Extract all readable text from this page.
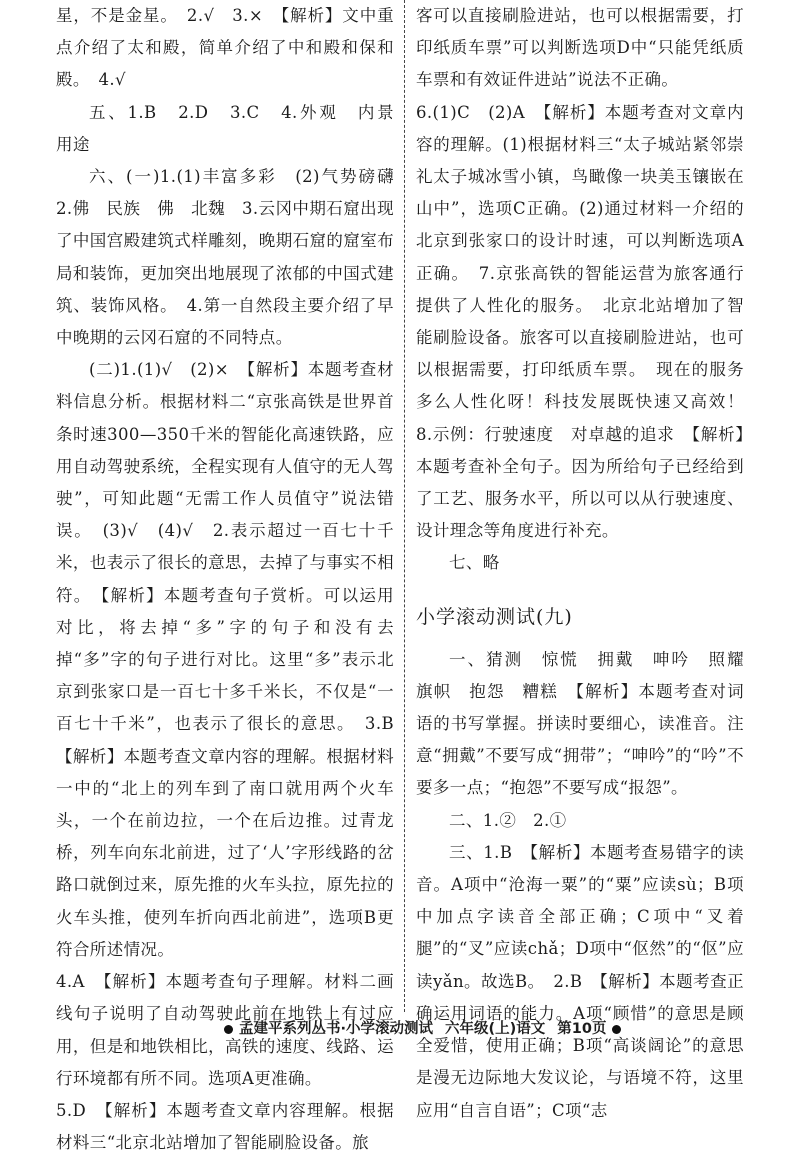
星，不是金星。　2.√　3.×　【解析】文中重点介绍了太和殿，简单介绍了中和殿和保和殿。　4.√

五、1.B　2.D　3.C　4.外观　内景　用途

六、(一)1.(1)丰富多彩　(2)气势磅礴　2.佛　民族　佛　北魏　3.云冈中期石窟出现了中国宫殿建筑式样雕刻，晚期石窟的窟室布局和装饰，更加突出地展现了浓郁的中国式建筑、装饰风格。　4.第一自然段主要介绍了早中晚期的云冈石窟的不同特点。

(二)1.(1)√　(2)×　【解析】本题考查材料信息分析。根据材料二“京张高铁是世界首条时速300—350千米的智能化高速铁路，应用自动驾驶系统，全程实现有人值守的无人驾驶”，可知此题“无需工作人员值守”说法错误。　(3)√　(4)√　2.表示超过一百七十千米，也表示了很长的意思，去掉了与事实不相符。　【解析】本题考查句子赏析。可以运用对比，将去掉“多”字的句子和没有去掉“多”字的句子进行对比。这里“多”表示北京到张家口是一百七十多千米长，不仅是“一百七十千米”，也表示了很长的意思。　3.B　【解析】本题考查文章内容的理解。根据材料一中的“北上的列车到了南口就用两个火车头，一个在前边拉，一个在后边推。过青龙桥，列车向东北前进，过了‘人’字形线路的岔路口就倒过来，原先推的火车头拉，原先拉的火车头推，使列车折向西北前进”，选项B更符合所述情况。

4.A　【解析】本题考查句子理解。材料二画线句子说明了自动驾驶此前在地铁上有过应用，但是和地铁相比，高铁的速度、线路、运行环境都有所不同。选项A更准确。

5.D　【解析】本题考查文章内容理解。根据材料三“北京北站增加了智能刷脸设备。旅

客可以直接刷脸进站，也可以根据需要，打印纸质车票”可以判断选项D中“只能凭纸质车票和有效证件进站”说法不正确。

6.(1)C　(2)A　【解析】本题考查对文章内容的理解。(1)根据材料三“太子城站紧邻崇礼太子城冰雪小镇，鸟瞰像一块美玉镶嵌在山中”，选项C正确。(2)通过材料一介绍的北京到张家口的设计时速，可以判断选项A正确。　7.京张高铁的智能运营为旅客通行提供了人性化的服务。　北京北站增加了智能刷脸设备。旅客可以直接刷脸进站，也可以根据需要，打印纸质车票。　现在的服务多么人性化呀！科技发展既快速又高效！　8.示例：行驶速度　对卓越的追求　【解析】本题考查补全句子。因为所给句子已经给到了工艺、服务水平，所以可以从行驶速度、设计理念等角度进行补充。

七、略

小学滚动测试(九)

一、猜测　惊慌　拥戴　呻吟　照耀　旗帜　抱怨　糟糕　【解析】本题考查对词语的书写掌握。拼读时要细心，读准音。注意“拥戴”不要写成“拥带”；“呻吟”的“吟”不要多一点；“抱怨”不要写成“报怨”。

二、1.②　2.①

三、1.B　【解析】本题考查易错字的读音。A项中“沧海一粟”的“粟”应读sù；B项中加点字读音全部正确；C项中“叉着腿”的“叉”应读chǎ；D项中“伛然”的“伛”应读yǎn。故选B。　2.B　【解析】本题考查正确运用词语的能力。A项“顾惜”的意思是顾全爱惜，使用正确；B项“高谈阔论”的意思是漫无边际地大发议论，与语境不符，这里应用“自言自语”；C项“志

孟建平系列丛书·小学滚动测试 六年级(上)语文 第10页
